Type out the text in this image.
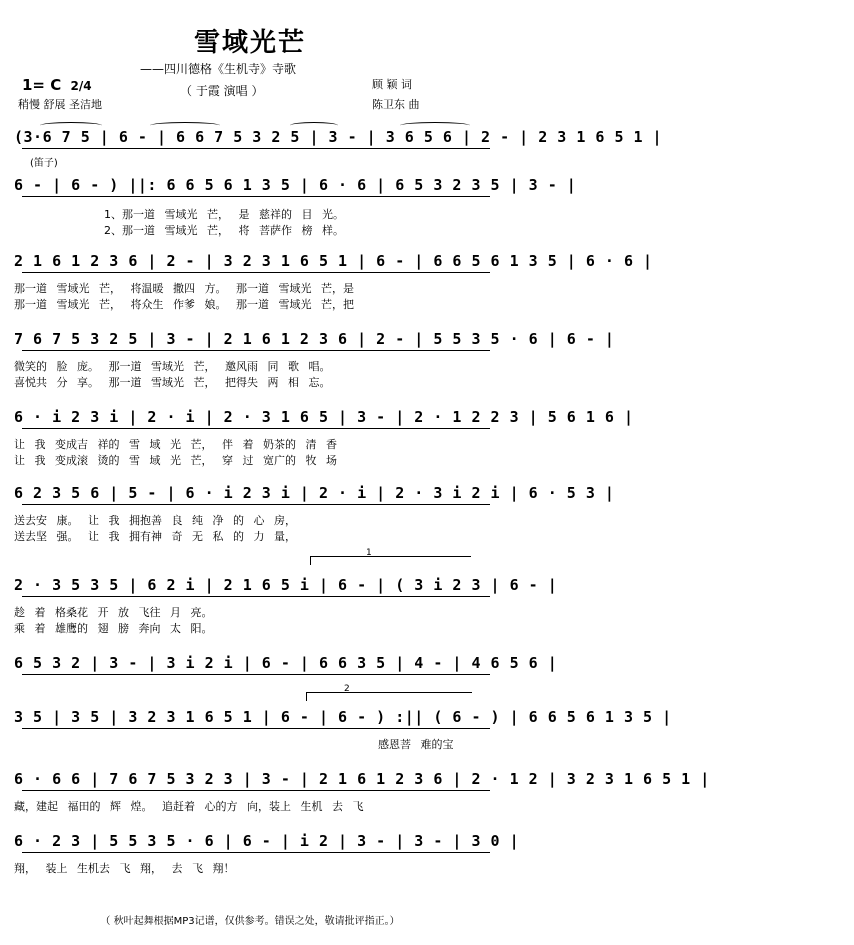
雪域光芒
——四川德格《生机寺》寺歌
1= C 2/4	（ 于霞 演唱 ）
稍慢 舒展 圣洁地
顾 颖 词
陈卫东 曲
(3·6 7 5 | 6 - | 6 6 7 5 3 2 5 | 3 - | 3 6 5 6 | 2 - | 2 3 1 6 5 1 |
(笛子)
6 - | 6 - ) ||: 6 6 5 6 1 3 5 | 6 · 6 | 6 5 3 2 3 5 | 3 - |
1、那一道 雪域光 芒， 是 慈祥的 目 光。
2、那一道 雪域光 芒， 将 菩萨作 榜 样。
2 1 6 1 2 3 6 | 2 - | 3 2 3 1 6 5 1 | 6 - | 6 6 5 6 1 3 5 | 6 · 6 |
那一道 雪域光 芒， 将温暖 撒四 方。 那一道 雪域光 芒，是
那一道 雪域光 芒， 将众生 作爹 娘。 那一道 雪域光 芒，把
7 6 7 5 3 2 5 | 3 - | 2 1 6 1 2 3 6 | 2 - | 5 5 3 5 · 6 | 6 - |
微笑的 脸 庞。 那一道 雪域光 芒， 邀风雨 同 歌 唱。
喜悦共 分 享。 那一道 雪域光 芒， 把得失 两 相 忘。
6 · i 2 3 i | 2 · i | 2 · 3 1 6 5 | 3 - | 2 · 1 2 2 3 | 5 6 1 6 |
让 我 变成吉 祥的 雪 域 光 芒， 伴 着 奶茶的 清 香
让 我 变成滚 烫的 雪 域 光 芒， 穿 过 宽广的 牧 场
6 2 3 5 6 | 5 - | 6 · i 2 3 i | 2 · i | 2 · 3 i 2 i | 6 · 5 3 |
送去安 康。 让 我 拥抱善 良 纯 净 的 心 房，
送去坚 强。 让 我 拥有神 奇 无 私 的 力 量，
1
2 · 3 5 3 5 | 6 2 i | 2 1 6 5 i | 6 - | ( 3 i 2 3 | 6 - |
趁 着 格桑花 开 放 飞往 月 亮。
乘 着 雄鹰的 翅 膀 奔向 太 阳。
6 5 3 2 | 3 - | 3 i 2 i | 6 - | 6 6 3 5 | 4 - | 4 6 5 6 |
2
3 5 | 3 5 | 3 2 3 1 6 5 1 | 6 - | 6 - ) :|| ( 6 - ) | 6 6 5 6 1 3 5 |
感恩菩 难的宝
6 · 6 6 | 7 6 7 5 3 2 3 | 3 - | 2 1 6 1 2 3 6 | 2 · 1 2 | 3 2 3 1 6 5 1 |
藏，建起 福田的 辉 煌。 追赶着 心的方 向，装上 生机 去 飞
6 · 2 3 | 5 5 3 5 · 6 | 6 - | i 2 | 3 - | 3 - | 3 0 |
翔， 装上 生机去 飞 翔， 去 飞 翔！
（ 秋叶起舞根据MP3记谱，仅供参考。错误之处，敬请批评指正。）
